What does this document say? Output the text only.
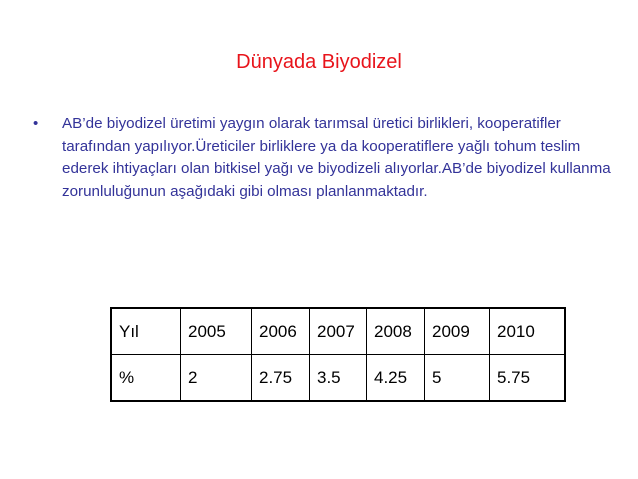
Dünyada Biyodizel
• AB’de biyodizel üretimi yaygın olarak tarımsal üretici birlikleri, kooperatifler tarafından yapılıyor.Üreticiler birliklere ya da kooperatiflere yağlı tohum teslim ederek ihtiyaçları olan bitkisel yağı ve biyodizeli alıyorlar.AB’de biyodizel kullanma zorunluluğunun aşağıdaki gibi olması planlanmaktadır.
Yıl	2005	2006	2007	2008	2009	2010
%	2	2.75	3.5	4.25	5	5.75
